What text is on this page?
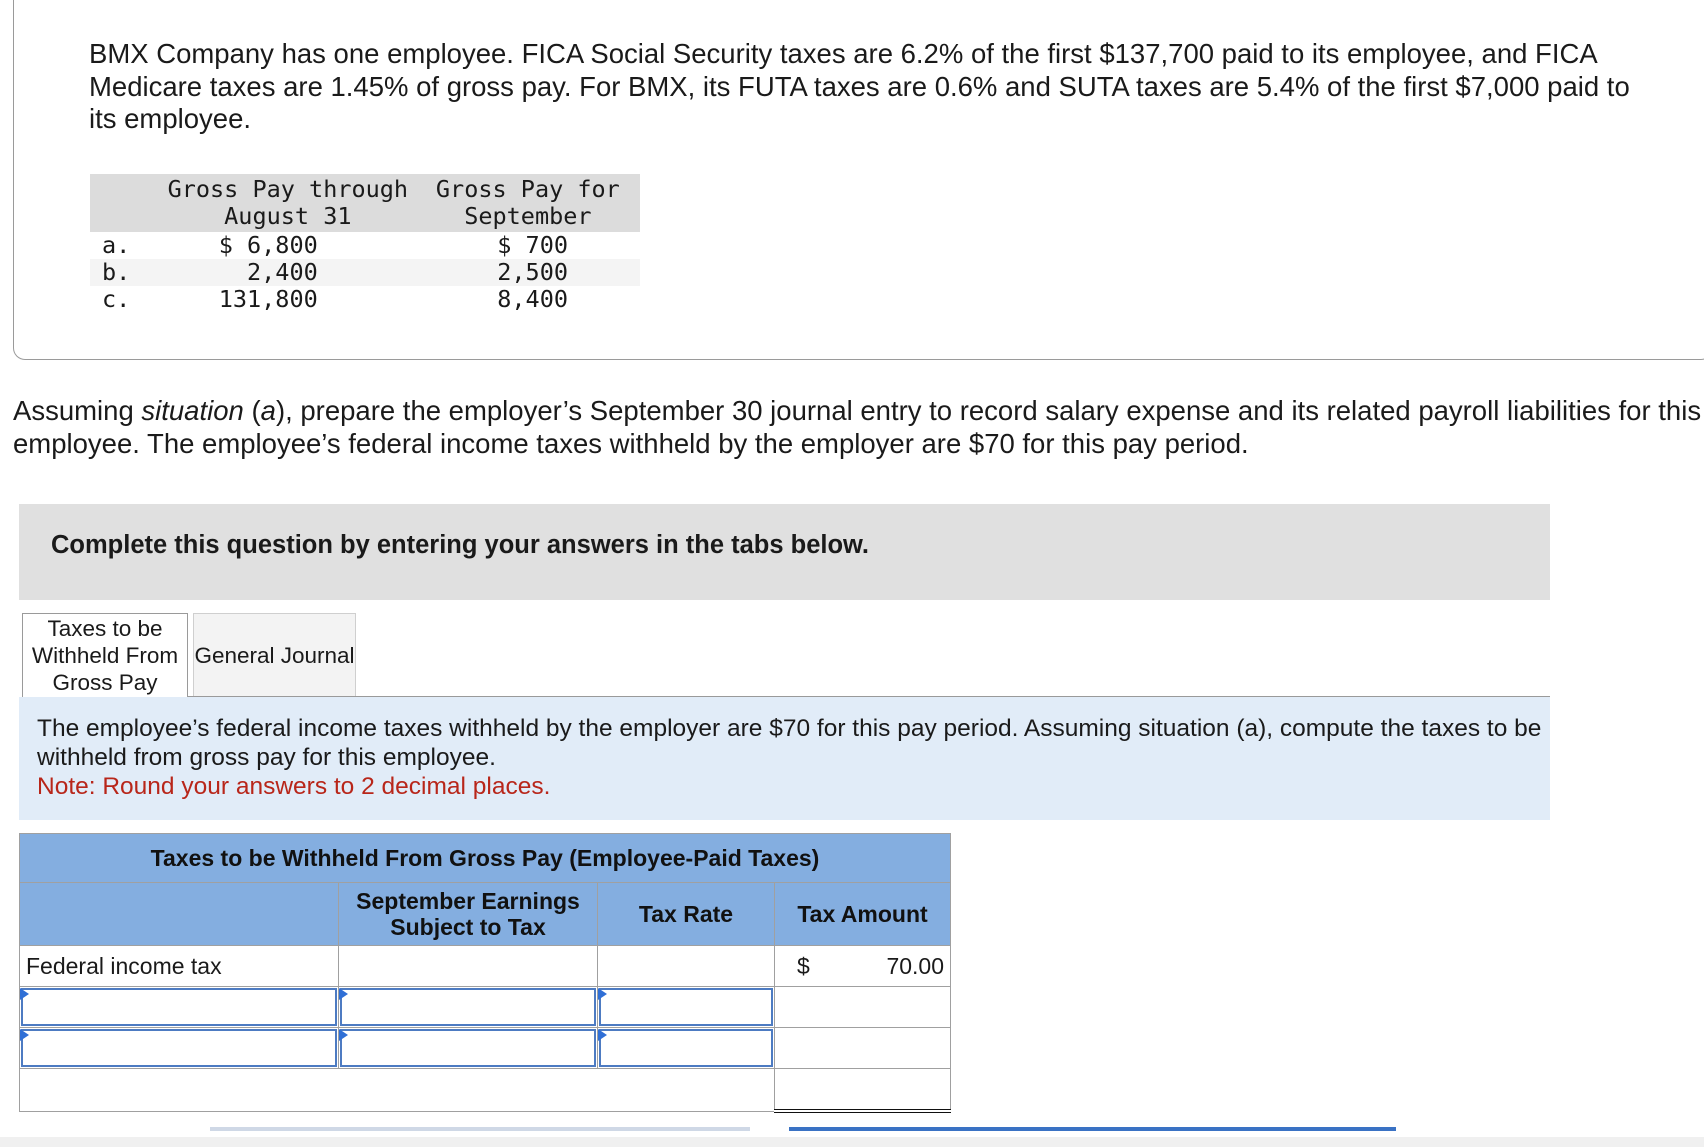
BMX Company has one employee. FICA Social Security taxes are 6.2% of the first $137,700 paid to its employee, and FICA Medicare taxes are 1.45% of gross pay. For BMX, its FUTA taxes are 0.6% and SUTA taxes are 5.4% of the first $7,000 paid to its employee.

	Gross Pay through August 31	Gross Pay for September
a.	$ 6,800	$ 700
b.	2,400	2,500
c.	131,800	8,400

Assuming situation (a), prepare the employer’s September 30 journal entry to record salary expense and its related payroll liabilities for this employee. The employee’s federal income taxes withheld by the employer are $70 for this pay period.

Complete this question by entering your answers in the tabs below.
Taxes to be Withheld From Gross Pay
General Journal
The employee’s federal income taxes withheld by the employer are $70 for this pay period. Assuming situation (a), compute the taxes to be withheld from gross pay for this employee.
Note: Round your answers to 2 decimal places.
Taxes to be Withheld From Gross Pay (Employee-Paid Taxes)			
	September Earnings Subject to Tax	Tax Rate	Tax Amount
Federal income tax			$ 70.00
